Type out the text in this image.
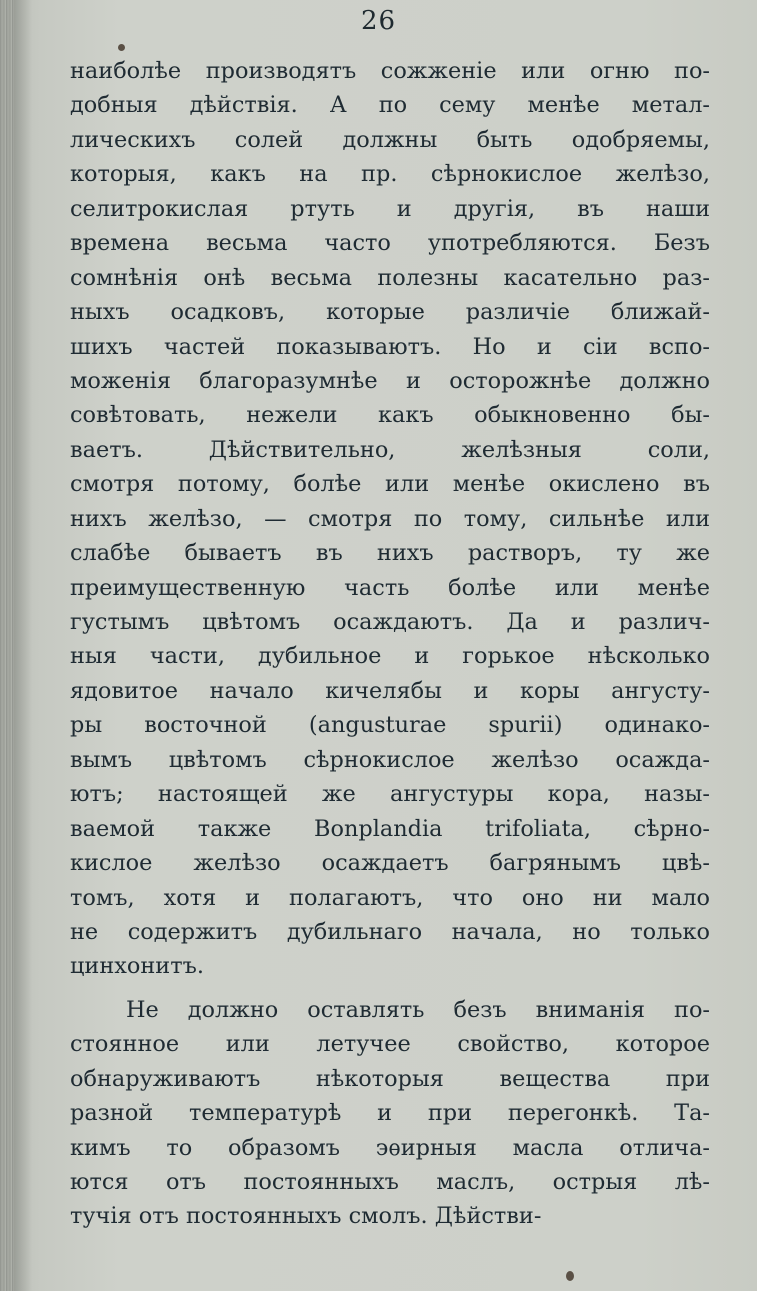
26
наиболѣе производятъ сожженіе или огню по-
добныя дѣйствія. А по сему менѣе метал-
лическихъ солей должны быть одобряемы,
которыя, какъ на пр. сѣрнокислое желѣзо,
селитрокислая ртуть и другія, въ наши
времена весьма часто употребляются. Безъ
сомнѣнія онѣ весьма полезны касательно раз-
ныхъ осадковъ, которые различіе ближай-
шихъ частей показываютъ. Но и сіи вспо-
моженія благоразумнѣе и осторожнѣе должно
совѣтовать, нежели какъ обыкновенно бы-
ваетъ. Дѣйствительно, желѣзныя соли,
смотря потому, болѣе или менѣе окислено въ
нихъ желѣзо, — смотря по тому, сильнѣе или
слабѣе бываетъ въ нихъ растворъ, ту же
преимущественную часть болѣе или менѣе
густымъ цвѣтомъ осаждаютъ. Да и различ-
ныя части, дубильное и горькое нѣсколько
ядовитое начало кичелябы и коры ангусту-
ры восточной (angusturae spurii) одинако-
вымъ цвѣтомъ сѣрнокислое желѣзо осажда-
ютъ; настоящей же ангустуры кора, назы-
ваемой также Bonplandia trifoliata, сѣрно-
кислое желѣзо осаждаетъ багрянымъ цвѣ-
томъ, хотя и полагаютъ, что оно ни мало
не содержитъ дубильнаго начала, но только
цинхонитъ.
Не должно оставлять безъ вниманія по-
стоянное или летучее свойство, которое
обнаруживаютъ нѣкоторыя вещества при
разной температурѣ и при перегонкѣ. Та-
кимъ то образомъ эѳирныя масла отлича-
ются отъ постоянныхъ маслъ, острыя лѣ-
тучія отъ постоянныхъ смолъ. Дѣйстви-
